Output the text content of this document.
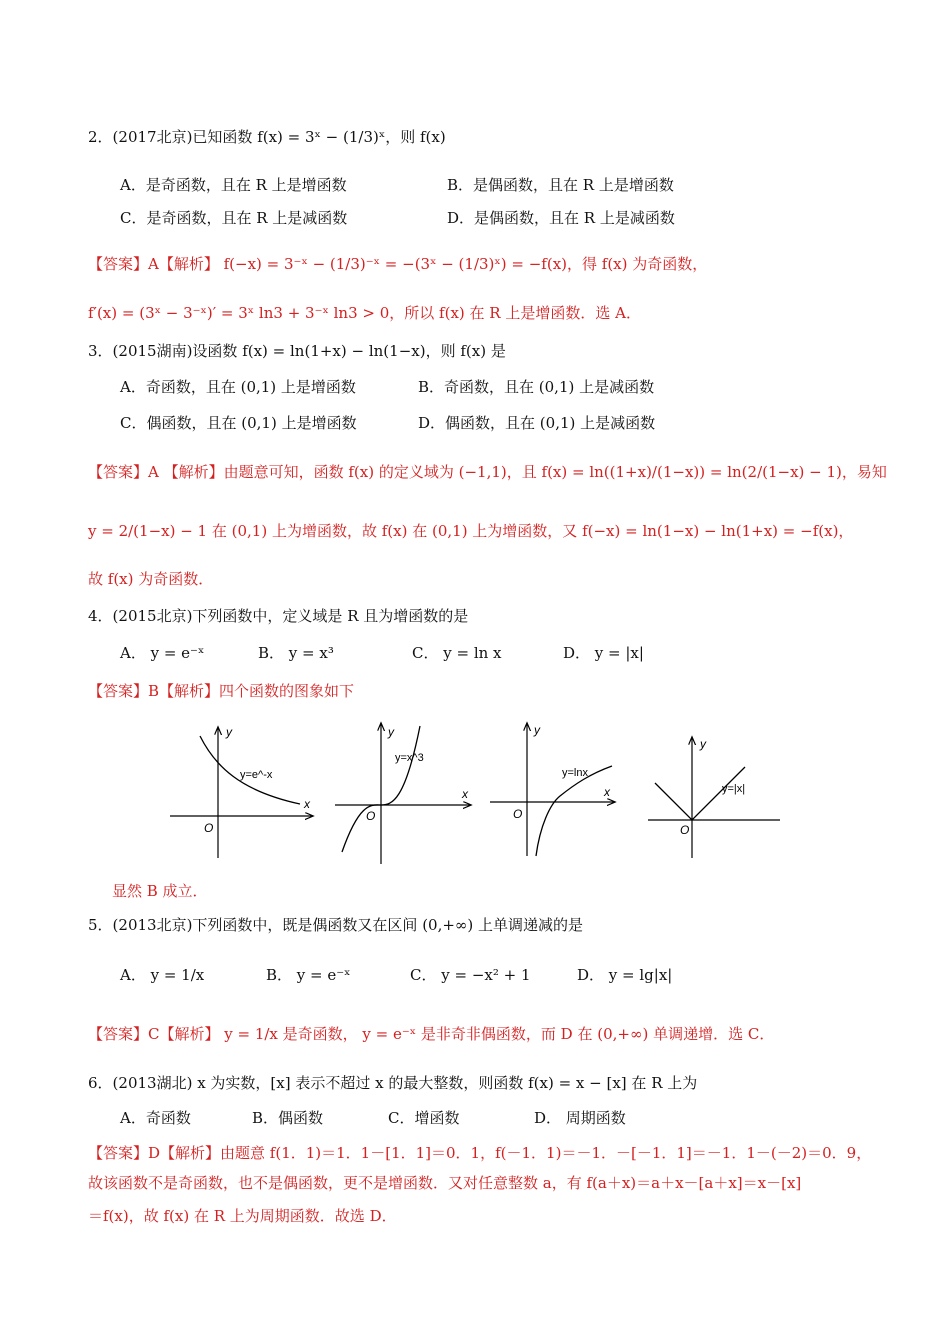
2．(2017北京)已知函数 f(x) = 3ˣ − (1/3)ˣ，则 f(x)
A．是奇函数，且在 R 上是增函数	B．是偶函数，且在 R 上是增函数
C．是奇函数，且在 R 上是减函数	D．是偶函数，且在 R 上是减函数
【答案】A【解析】 f(−x) = 3⁻ˣ − (1/3)⁻ˣ = −(3ˣ − (1/3)ˣ) = −f(x)，得 f(x) 为奇函数，
f′(x) = (3ˣ − 3⁻ˣ)′ = 3ˣ ln3 + 3⁻ˣ ln3 > 0，所以 f(x) 在 R 上是增函数．选 A．
3．(2015湖南)设函数 f(x) = ln(1+x) − ln(1−x)，则 f(x) 是
A．奇函数，且在 (0,1) 上是增函数	B．奇函数，且在 (0,1) 上是减函数
C．偶函数，且在 (0,1) 上是增函数	D．偶函数，且在 (0,1) 上是减函数
【答案】A 【解析】由题意可知，函数 f(x) 的定义域为 (−1,1)，且 f(x) = ln((1+x)/(1−x)) = ln(2/(1−x) − 1)，易知
y = 2/(1−x) − 1 在 (0,1) 上为增函数，故 f(x) 在 (0,1) 上为增函数，又 f(−x) = ln(1−x) − ln(1+x) = −f(x)，
故 f(x) 为奇函数．
4．(2015北京)下列函数中，定义域是 R 且为增函数的是
A． y = e⁻ˣ	B． y = x³	C． y = ln x	D． y = |x|
【答案】B【解析】四个函数的图象如下
y=e^-x
x
y
O
y=x^3
x
y
O
y=lnx
x
y
O
y=|x|
y
O
显然 B 成立．
5．(2013北京)下列函数中，既是偶函数又在区间 (0,+∞) 上单调递减的是
A． y = 1/x	B． y = e⁻ˣ	C． y = −x² + 1	D． y = lg|x|
【答案】C【解析】 y = 1/x 是奇函数， y = e⁻ˣ 是非奇非偶函数，而 D 在 (0,+∞) 单调递增．选 C．
6．(2013湖北) x 为实数，[x] 表示不超过 x 的最大整数，则函数 f(x) = x − [x] 在 R 上为
A．奇函数	B．偶函数	C．增函数	D． 周期函数
【答案】D【解析】由题意 f(1．1)＝1．1－[1．1]＝0．1，f(－1．1)＝－1．－[－1．1]＝－1．1－(－2)＝0．9，
故该函数不是奇函数，也不是偶函数，更不是增函数．又对任意整数 a，有 f(a＋x)＝a＋x－[a＋x]＝x－[x]
＝f(x)，故 f(x) 在 R 上为周期函数．故选 D．
